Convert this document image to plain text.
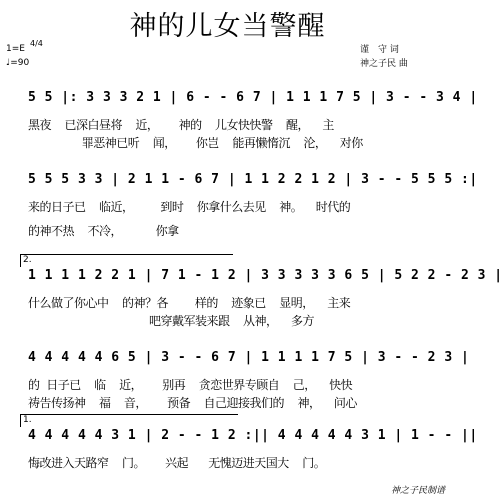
神的儿女当警醒
1=E
4/4
♩=90
谨　守 词
神之子民 曲
5 5 |: 3 3 3 2 1 | 6 - - 6 7 | 1 1 1 7 5 | 3 - - 3 4 |
黑夜  已深白昼将  近，   神的  儿女快快警  醒，  主
罪恶神已听  闻，   你岂  能再懒惰沉  沦，  对你
5 5 5 3 3 | 2 1 1 - 6 7 | 1 1 2 2 1 2 | 3 - - 5 5 5 :|
来的日子已  临近，    到时  你拿什么去见  神。  时代的
的神不热  不冷，     你拿
2.
1 1 1 1 2 2 1 | 7 1 - 1 2 | 3 3 3 3 3 6 5 | 5 2 2 - 2 3 |
什么做了你心中  的神？各    样的  迹象已  显明，  主来
吧穿戴军装来跟  从神，  多方
4 4 4 4 4 6 5 | 3 - - 6 7 | 1 1 1 1 7 5 | 3 - - 2 3 |
的 日子已  临  近，   别再  贪恋世界专顾自  己，  快快
祷告传扬神  福  音，   预备  自己迎接我们的  神，  问心
1.
4 4 4 4 4 3 1 | 2 - - 1 2 :|| 4 4 4 4 4 3 1 | 1 - - ||
悔改进入天路窄  门。   兴起   无愧迈进天国大  门。
神之子民制谱
